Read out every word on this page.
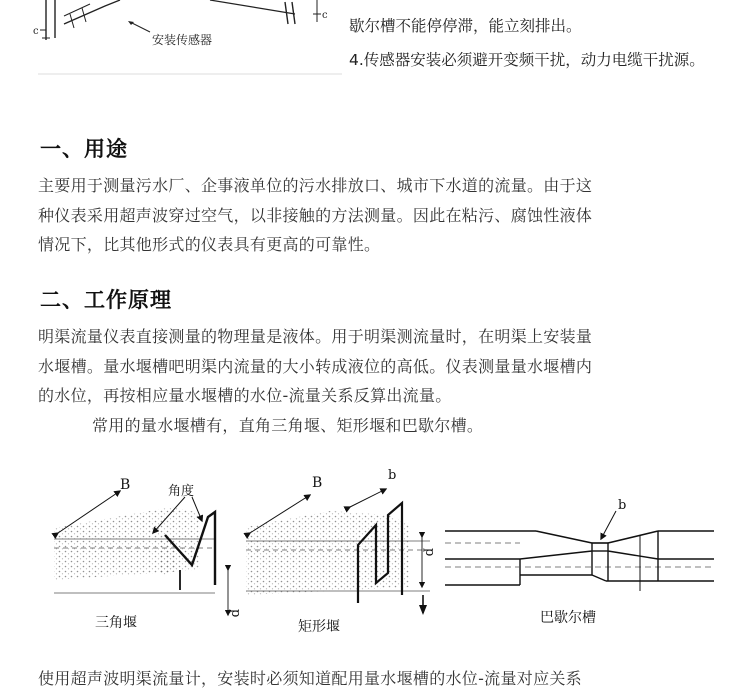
c
c
安装传感器
歇尔槽不能停停滞，能立刻排出。
4.传感器安装必须避开变频干扰，动力电缆干扰源。
一、用途

主要用于测量污水厂、企事液单位的污水排放口、城市下水道的流量。由于这

种仪表采用超声波穿过空气，以非接触的方法测量。因此在粘污、腐蚀性液体

情况下，比其他形式的仪表具有更高的可靠性。

二、工作原理

明渠流量仪表直接测量的物理量是液体。用于明渠测流量时，在明渠上安装量

水堰槽。量水堰槽吧明渠内流量的大小转成液位的高低。仪表测量量水堰槽内

的水位，再按相应量水堰槽的水位-流量关系反算出流量。

常用的量水堰槽有，直角三角堰、矩形堰和巴歇尔槽。

B	角度
p
三角堰
B	b
p
矩形堰
b
巴歇尔槽
使用超声波明渠流量计，安装时必须知道配用量水堰槽的水位-流量对应关系
